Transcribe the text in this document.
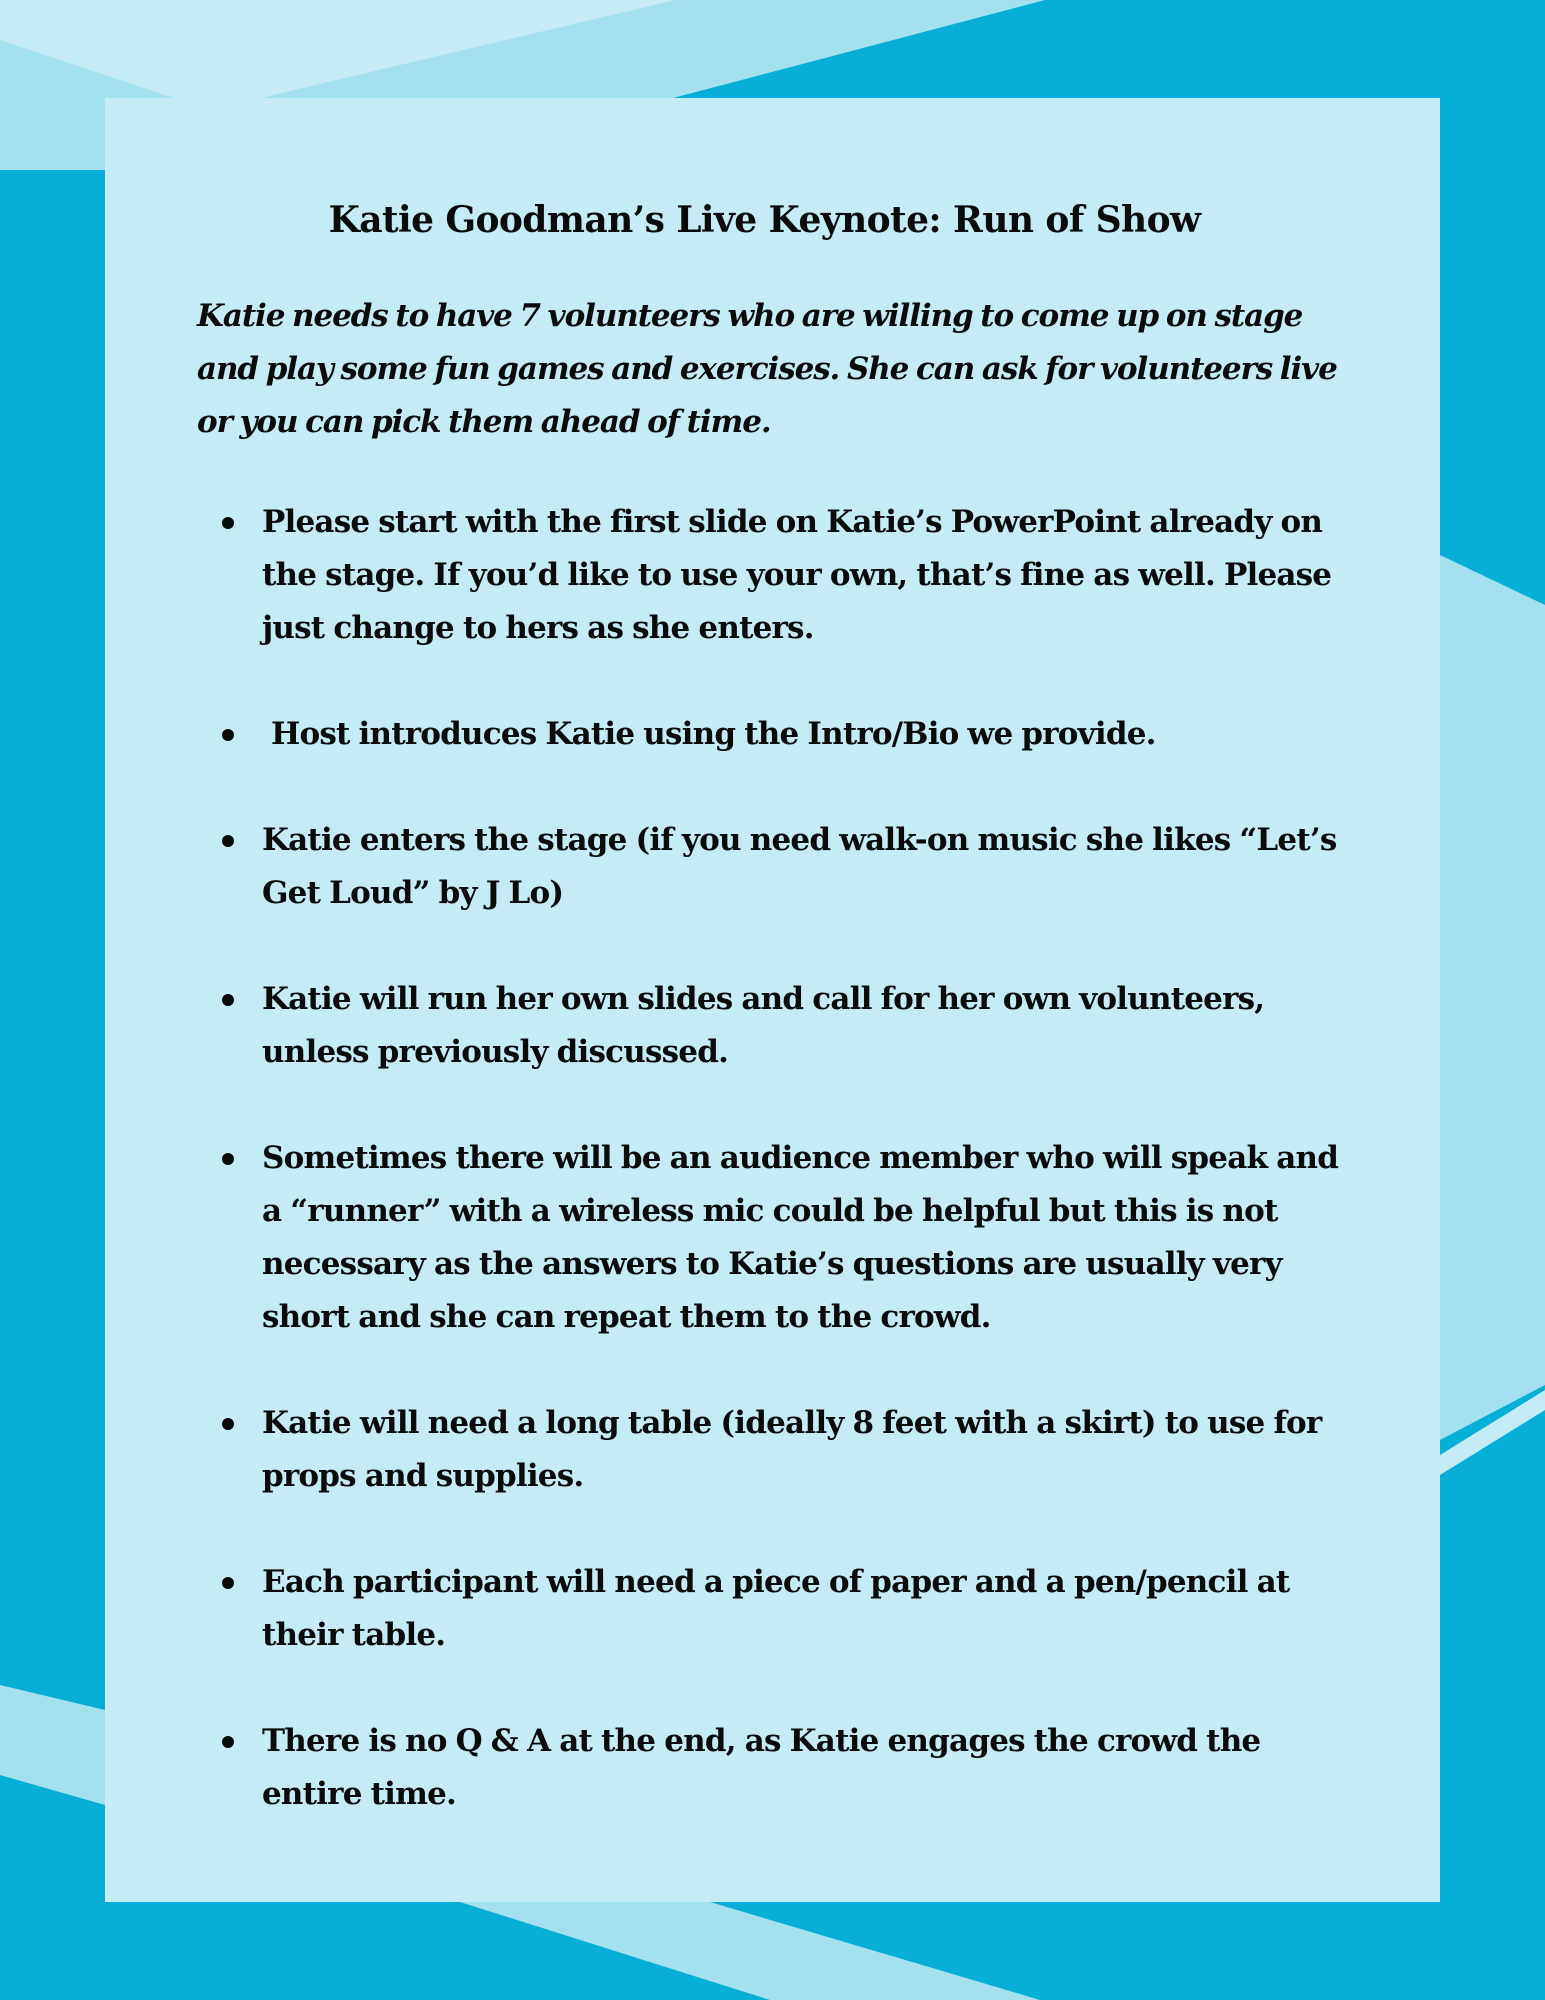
Katie Goodman’s Live Keynote: Run of Show

Katie needs to have 7 volunteers who are willing to come up on stage and play some fun games and exercises. She can ask for volunteers live or you can pick them ahead of time.

Please start with the first slide on Katie’s PowerPoint already on the stage. If you’d like to use your own, that’s fine as well. Please just change to hers as she enters.
Host introduces Katie using the Intro/Bio we provide.
Katie enters the stage (if you need walk-on music she likes “Let’s Get Loud” by J Lo)
Katie will run her own slides and call for her own volunteers, unless previously discussed.
Sometimes there will be an audience member who will speak and a “runner” with a wireless mic could be helpful but this is not necessary as the answers to Katie’s questions are usually very short and she can repeat them to the crowd.
Katie will need a long table (ideally 8 feet with a skirt) to use for  props and supplies.
Each participant will need a piece of paper and a pen/pencil at their table.
There is no Q & A at the end, as Katie engages the crowd the entire time.
